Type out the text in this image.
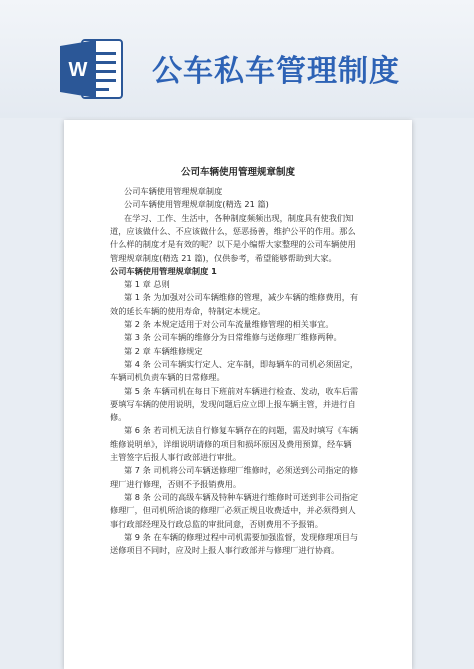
W 公车私车管理制度
公司车辆使用管理规章制度
公司车辆使用管理规章制度
公司车辆使用管理规章制度(精选 21 篇)
在学习、工作、生活中，各种制度频频出现，制度具有使我们知
道，应该做什么、不应该做什么，惩恶扬善，维护公平的作用。那么
什么样的制度才是有效的呢？以下是小编帮大家整理的公司车辆使用
管理规章制度(精选 21 篇)，仅供参考，希望能够帮助到大家。
公司车辆使用管理规章制度 1
第 1 章 总则
第 1 条 为加强对公司车辆维修的管理，减少车辆的维修费用，有
效的延长车辆的使用寿命，特制定本规定。
第 2 条 本规定适用于对公司车流量维修管理的相关事宜。
第 3 条 公司车辆的维修分为日常维修与送修理厂维修两种。
第 2 章 车辆维修规定
第 4 条 公司车辆实行定人、定车制，即每辆车的司机必须固定，
车辆司机负责车辆的日常修理。
第 5 条 车辆司机在每日下班前对车辆进行检查、发动，收车后需
要填写车辆的使用说明，发现问题后应立即上报车辆主管，并进行自
修。
第 6 条 若司机无法自行修复车辆存在的问题，需及时填写《车辆
维修说明单》，详细说明请修的项目和损坏原因及费用预算，经车辆
主管签字后报人事行政部进行审批。
第 7 条 司机将公司车辆送修理厂维修时，必须送到公司指定的修
理厂进行修理，否则不予报销费用。
第 8 条 公司的高级车辆及特种车辆进行维修时可送到非公司指定
修理厂，但司机所洽谈的修理厂必须正规且收费适中，并必须得到人
事行政部经理及行政总监的审批同意，否则费用不予报销。
第 9 条 在车辆的修理过程中司机需要加强监督，发现修理项目与
送修项目不同时，应及时上报人事行政部并与修理厂进行协商。
